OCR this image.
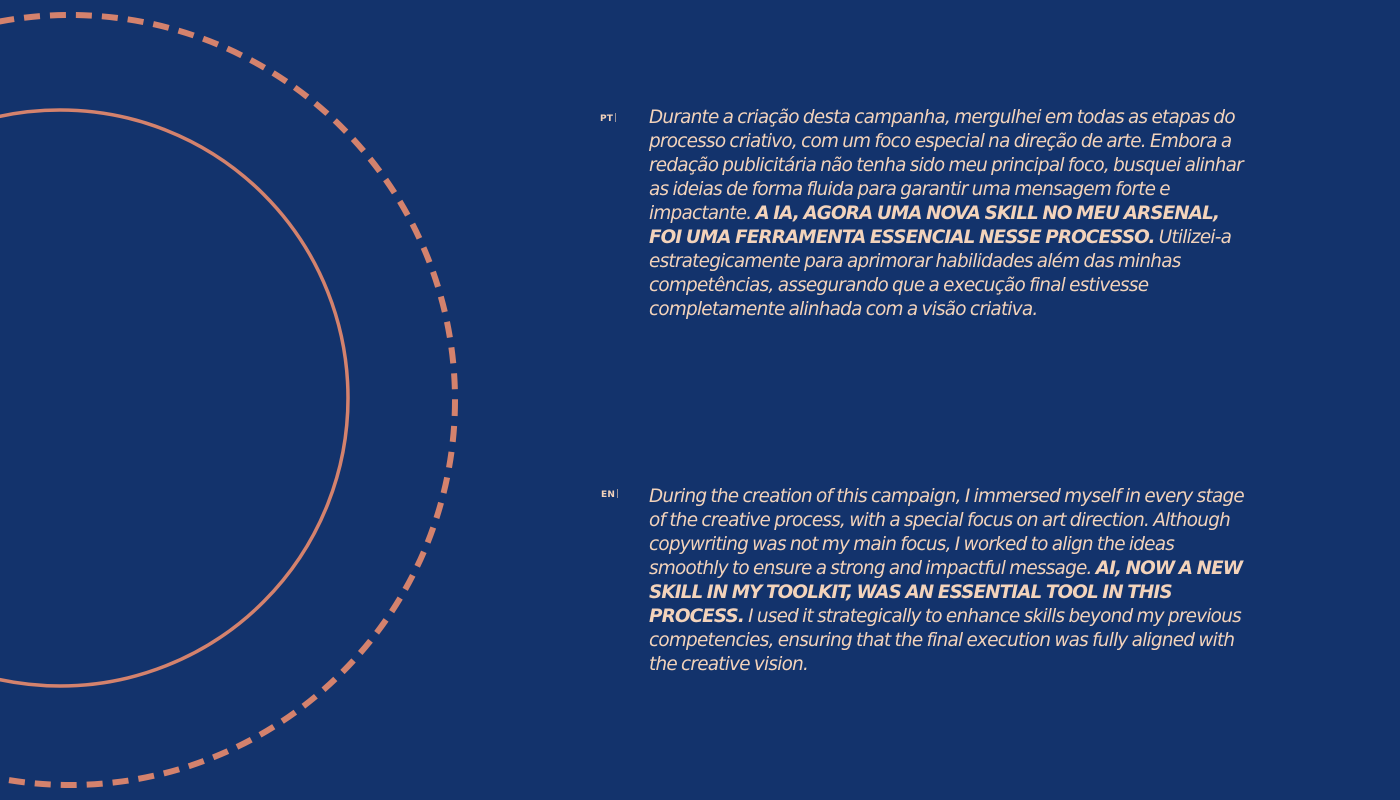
PT Durante a criação desta campanha, mergulhei em todas as etapas do processo criativo, com um foco especial na direção de arte. Embora a redação publicitária não tenha sido meu principal foco, busquei alinhar as ideias de forma fluida para garantir uma mensagem forte e impactante. A IA, AGORA UMA NOVA SKILL NO MEU ARSENAL, FOI UMA FERRAMENTA ESSENCIAL NESSE PROCESSO. Utilizei-a estrategicamente para aprimorar habilidades além das minhas competências, assegurando que a execução final estivesse completamente alinhada com a visão criativa.

EN During the creation of this campaign, I immersed myself in every stage of the creative process, with a special focus on art direction. Although copywriting was not my main focus, I worked to align the ideas smoothly to ensure a strong and impactful message. AI, NOW A NEW SKILL IN MY TOOLKIT, WAS AN ESSENTIAL TOOL IN THIS PROCESS. I used it strategically to enhance skills beyond my previous competencies, ensuring that the final execution was fully aligned with the creative vision.
